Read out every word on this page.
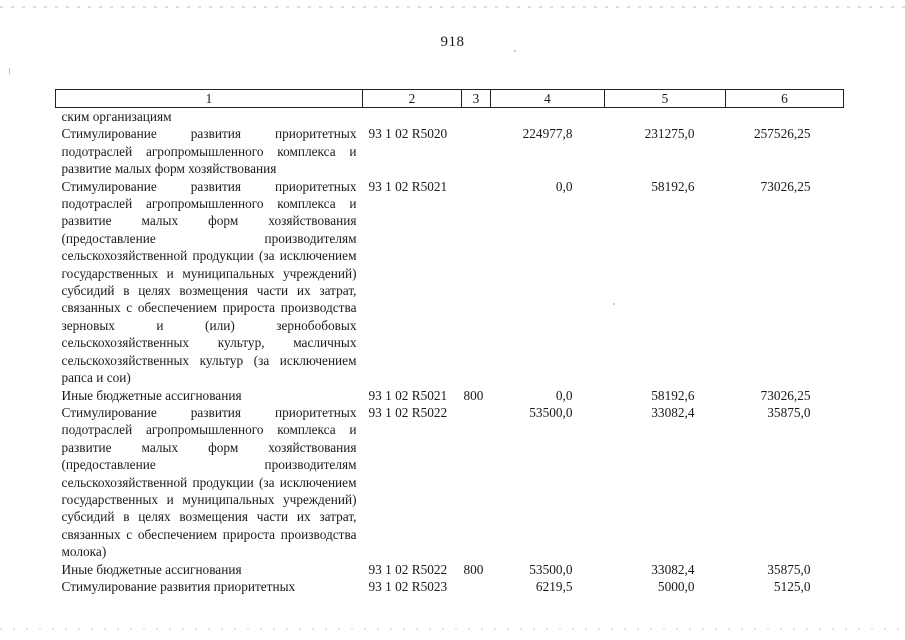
918
1	2	3	4	5	6
ским организациям					
Стимулирование развития приоритетных подотраслей агропромышленного комплекса и развитие малых форм хозяйствования	93 1 02 R5020		224977,8	231275,0	257526,25
Стимулирование развития приоритетных подотраслей агропромышленного комплекса и развитие малых форм хозяйствования (предоставление производителям сельскохозяйственной продукции (за исключением государственных и муниципальных учреждений) субсидий в целях возмещения части их затрат, связанных с обеспечением прироста производства зерновых и (или) зернобобовых сельскохозяйственных культур, масличных сельскохозяйственных культур (за исключением рапса и сои)	93 1 02 R5021		0,0	58192,6	73026,25
Иные бюджетные ассигнования	93 1 02 R5021	800	0,0	58192,6	73026,25
Стимулирование развития приоритетных подотраслей агропромышленного комплекса и развитие малых форм хозяйствования (предоставление производителям сельскохозяйственной продукции (за исключением государственных и муниципальных учреждений) субсидий в целях возмещения части их затрат, связанных с обеспечением прироста производства молока)	93 1 02 R5022		53500,0	33082,4	35875,0
Иные бюджетные ассигнования	93 1 02 R5022	800	53500,0	33082,4	35875,0
Стимулирование развития приоритетных	93 1 02 R5023		6219,5	5000,0	5125,0
